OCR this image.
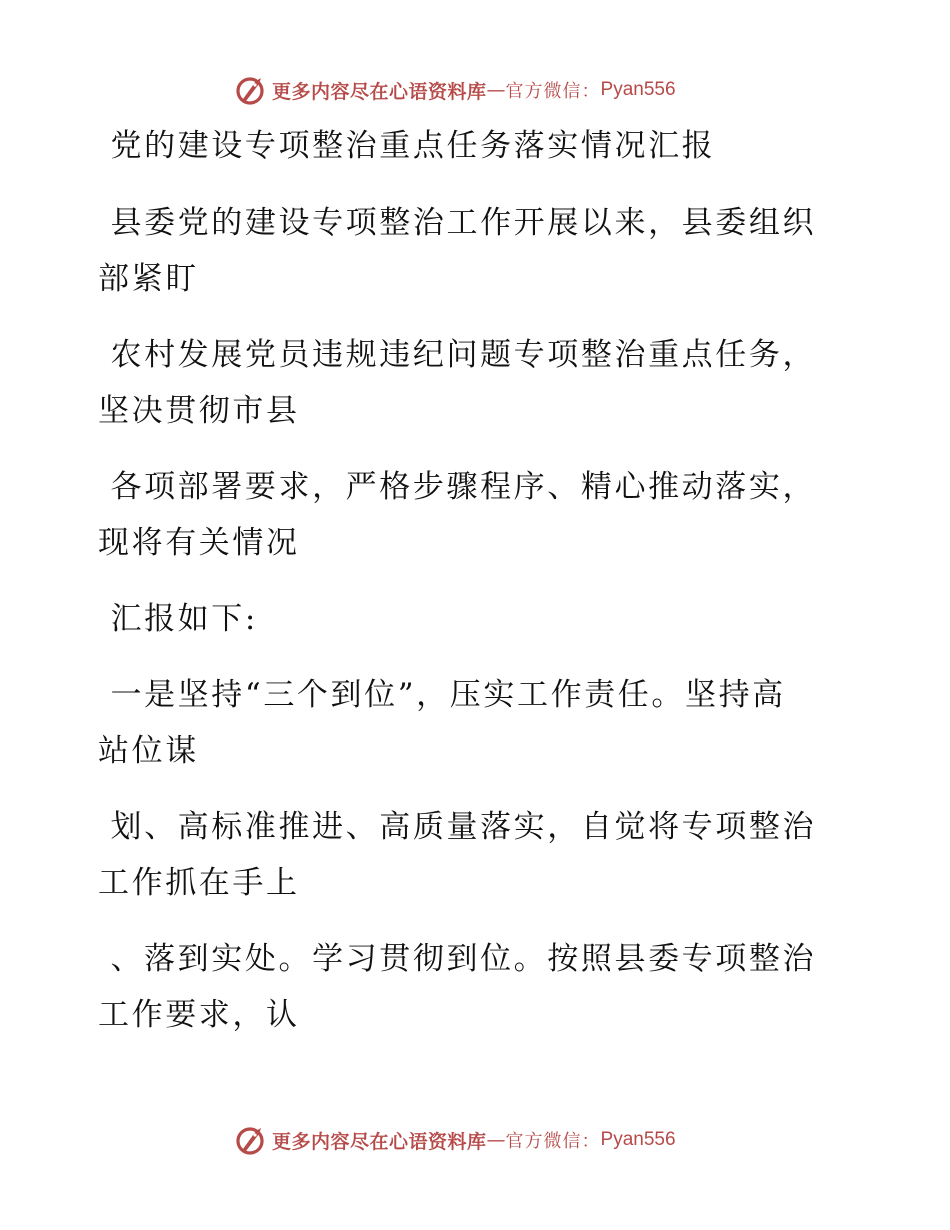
更多内容尽在心语资料库 — 官方微信： Pyan556
党的建设专项整治重点任务落实情况汇报
县委党的建设专项整治工作开展以来，县委组织
部紧盯
农村发展党员违规违纪问题专项整治重点任务，
坚决贯彻市县
各项部署要求，严格步骤程序、精心推动落实，
现将有关情况
汇报如下:
一是坚持“三个到位”，压实工作责任。坚持高
站位谋
划、高标准推进、高质量落实，自觉将专项整治
工作抓在手上
、落到实处。学习贯彻到位。按照县委专项整治
工作要求，认
更多内容尽在心语资料库 — 官方微信： Pyan556
